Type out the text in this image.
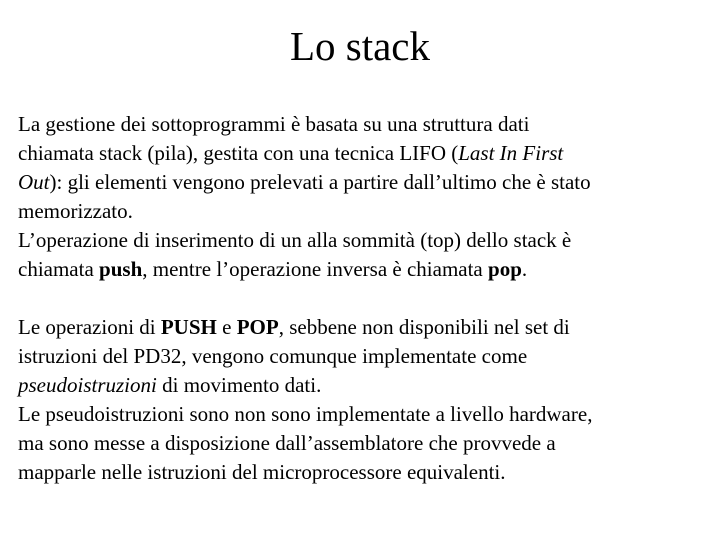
Lo stack
La gestione dei sottoprogrammi è basata su una struttura dati
chiamata stack (pila), gestita con una tecnica LIFO (Last In First
Out): gli elementi vengono prelevati a partire dall’ultimo che è stato
memorizzato.
L’operazione di inserimento di un alla sommità (top) dello stack è
chiamata push, mentre l’operazione inversa è chiamata pop.
Le operazioni di PUSH e POP, sebbene non disponibili nel set di
istruzioni del PD32, vengono comunque implementate come
pseudoistruzioni di movimento dati.
Le pseudoistruzioni sono non sono implementate a livello hardware,
ma sono messe a disposizione dall’assemblatore che provvede a
mapparle nelle istruzioni del microprocessore equivalenti.
